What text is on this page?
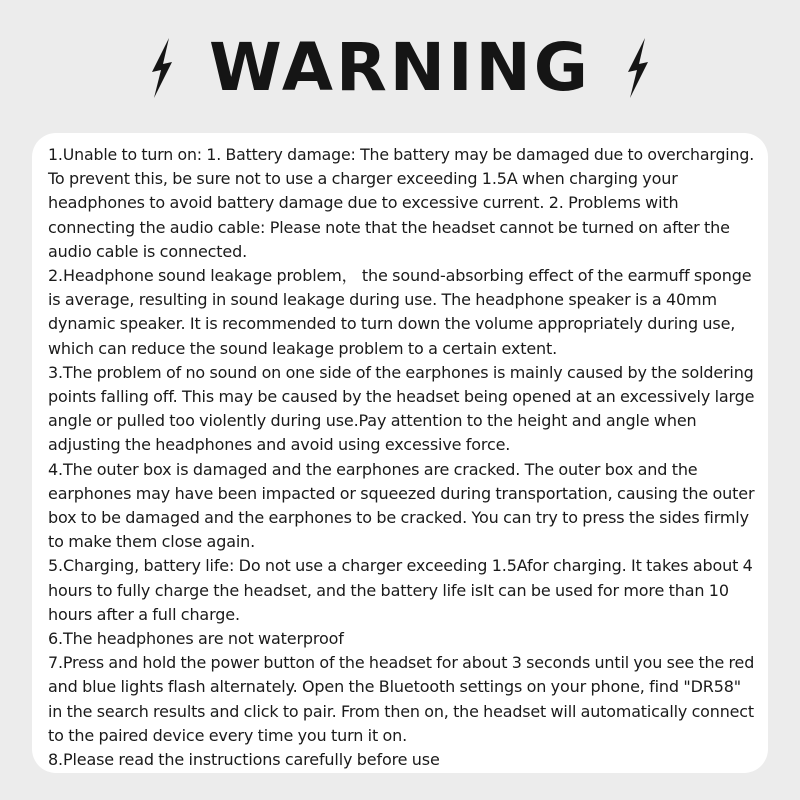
WARNING
1.Unable to turn on: 1. Battery damage: The battery may be damaged due to overcharging.
To prevent this, be sure not to use a charger exceeding 1.5A when charging your
headphones to avoid battery damage due to excessive current. 2. Problems with
connecting the audio cable: Please note that the headset cannot be turned on after the
audio cable is connected.
2.Headphone sound leakage problem， the sound-absorbing effect of the earmuff sponge
is average, resulting in sound leakage during use. The headphone speaker is a 40mm
dynamic speaker. It is recommended to turn down the volume appropriately during use,
which can reduce the sound leakage problem to a certain extent.
3.The problem of no sound on one side of the earphones is mainly caused by the soldering
points falling off. This may be caused by the headset being opened at an excessively large
angle or pulled too violently during use.Pay attention to the height and angle when
adjusting the headphones and avoid using excessive force.
4.The outer box is damaged and the earphones are cracked. The outer box and the
earphones may have been impacted or squeezed during transportation, causing the outer
box to be damaged and the earphones to be cracked. You can try to press the sides firmly
to make them close again.
5.Charging, battery life: Do not use a charger exceeding 1.5Afor charging. It takes about 4
hours to fully charge the headset, and the battery life isIt can be used for more than 10
hours after a full charge.
6.The headphones are not waterproof
7.Press and hold the power button of the headset for about 3 seconds until you see the red
and blue lights flash alternately. Open the Bluetooth settings on your phone, find "DR58"
in the search results and click to pair. From then on, the headset will automatically connect
to the paired device every time you turn it on.
8.Please read the instructions carefully before use
